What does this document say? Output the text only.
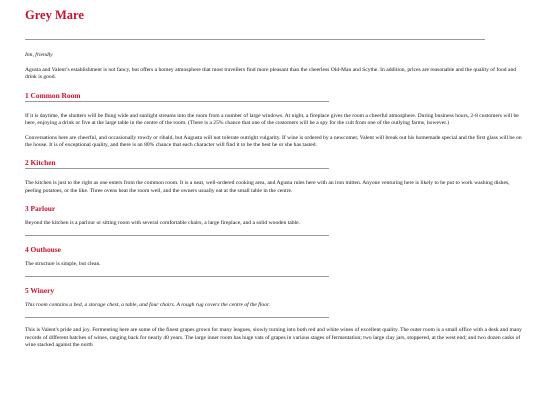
Grey Mare

Inn, friendly

Agusta and Valent’s establishment is not fancy, but offers a homey atmosphere that most travellers find more pleasant than the cheerless Old-Man and Scythe. In addition, prices are reasonable and the quality of food and drink is good.

1 Common Room

If it is daytime, the shutters will be flung wide and sunlight streams into the room from a number of large windows. At night, a fireplace gives the room a cheerful atmosphere. During business hours, 2-8 customers will be here, enjoying a drink or five at the large table in the centre of the room. (There is a 25% chance that one of the customers will be a spy for the cult from one of the outlying farms, however.)

Conversations here are cheerful, and occasionally rowdy or ribald, but Augusta will not tolerate outright vulgarity. If wine is ordered by a newcomer, Valent will break out his homemade special and the first glass will be on the house. It is of exceptional quality, and there is an 80% chance that each character will find it to be the best he or she has tasted.

2 Kitchen

The kitchen is just to the right as one enters from the common room. It is a neat, well-ordered cooking area, and Agusta rules here with an iron mitten. Anyone venturing here is likely to be put to work washing dishes, peeling potatoes, or the like. Three ovens heat the room well, and the owners usually eat at the small table in the centre.

3 Parlour

Beyond the kitchen is a parlour or sitting room with several comfortable chairs, a large fireplace, and a solid wooden table.

4 Outhouse

The structure is simple, but clean.

5 Winery

This room contains a bed, a storage chest, a table, and four chairs. A rough rug covers the centre of the floor.

This is Valent's pride and joy. Fermenting here are some of the finest grapes grown for many leagues, slowly turning into both red and white wines of excellent quality. The outer room is a small office with a desk and many records of different batches of wines, ranging back for nearly 40 years. The large inner room has huge vats of grapes in various stages of fermentation; two large clay jars, stoppered, at the west end; and two dozen casks of wine stacked against the north
